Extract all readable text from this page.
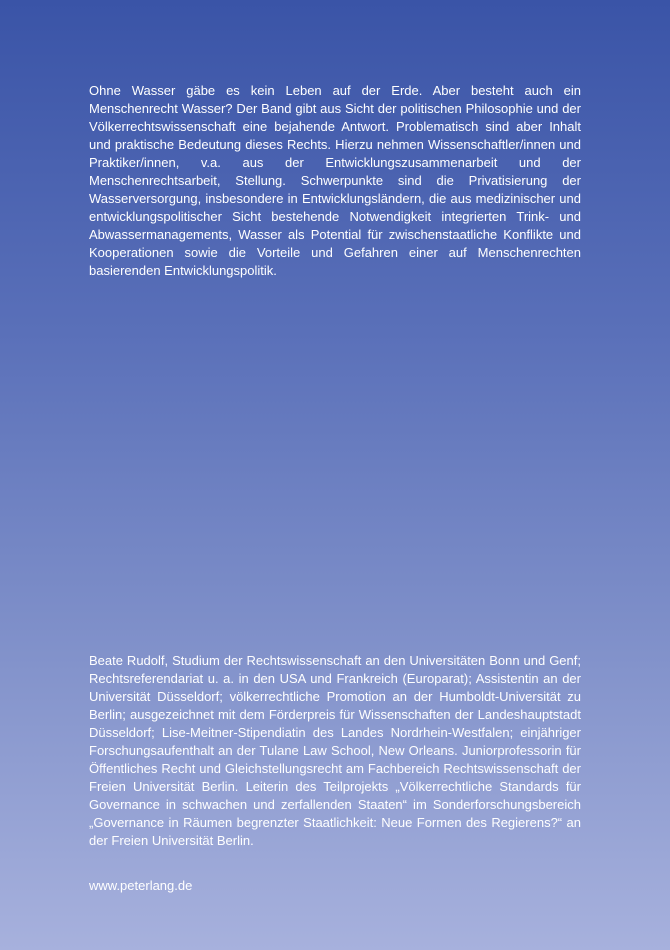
Ohne Wasser gäbe es kein Leben auf der Erde. Aber besteht auch ein Menschenrecht Wasser? Der Band gibt aus Sicht der politischen Philosophie und der Völkerrechtswissenschaft eine bejahende Antwort. Problematisch sind aber Inhalt und praktische Bedeutung dieses Rechts. Hierzu nehmen Wissenschaftler/innen und Praktiker/innen, v.a. aus der Entwicklungszusammenarbeit und der Menschenrechtsarbeit, Stellung. Schwerpunkte sind die Privatisierung der Wasserversorgung, insbesondere in Entwicklungsländern, die aus medizinischer und entwicklungspolitischer Sicht bestehende Notwendigkeit integrierten Trink- und Abwassermanagements, Wasser als Potential für zwischenstaatliche Konflikte und Kooperationen sowie die Vorteile und Gefahren einer auf Menschenrechten basierenden Entwicklungspolitik.

Beate Rudolf, Studium der Rechtswissenschaft an den Universitäten Bonn und Genf; Rechtsreferendariat u. a. in den USA und Frankreich (Europarat); Assistentin an der Universität Düsseldorf; völkerrechtliche Promotion an der Humboldt-Universität zu Berlin; ausgezeichnet mit dem Förderpreis für Wissenschaften der Landeshauptstadt Düsseldorf; Lise-Meitner-Stipendiatin des Landes Nordrhein-Westfalen; einjähriger Forschungsaufenthalt an der Tulane Law School, New Orleans. Juniorprofessorin für Öffentliches Recht und Gleichstellungsrecht am Fachbereich Rechtswissenschaft der Freien Universität Berlin. Leiterin des Teilprojekts „Völkerrechtliche Standards für Governance in schwachen und zerfallenden Staaten“ im Sonderforschungsbereich „Governance in Räumen begrenzter Staatlichkeit: Neue Formen des Regierens?“ an der Freien Universität Berlin.

www.peterlang.de
